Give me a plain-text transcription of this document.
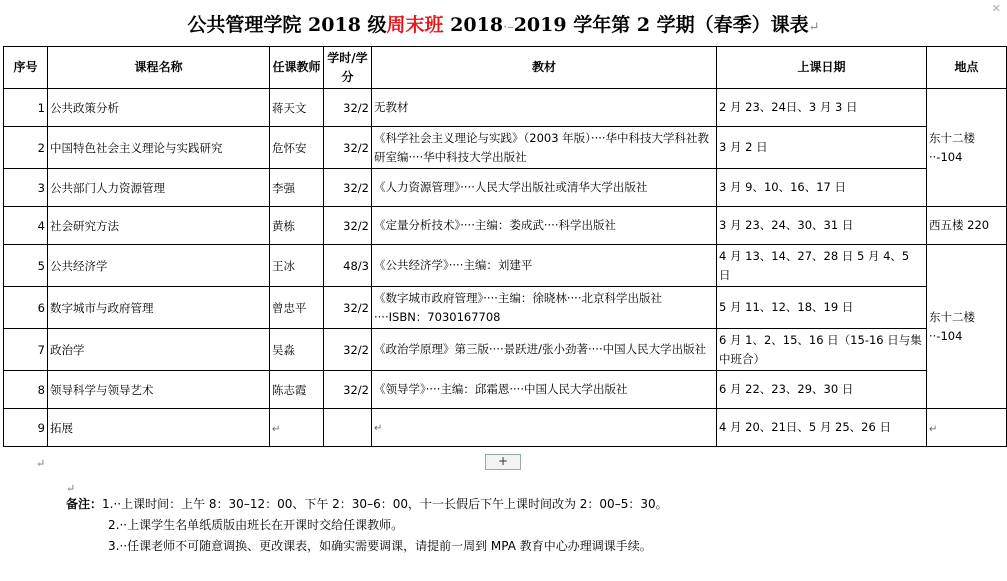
✕
公共管理学院 2018 级周末班 2018·–2019 学年第 2 学期（春季）课表↵
序号	课程名称	任课教师	学时/学分	教材	上课日期	地点
1	公共政策分析	蒋天文	32/2	无教材	2 月 23、24日、3 月 3 日	东十二楼··-104
2	中国特色社会主义理论与实践研究	危怀安	32/2	《科学社会主义理论与实践》（2003 年版）····华中科技大学科社教研室编····华中科技大学出版社	3 月 2 日	
3	公共部门人力资源管理	李强	32/2	《人力资源管理》····人民大学出版社或清华大学出版社	3 月 9、10、16、17 日	
4	社会研究方法	黄栋	32/2	《定量分析技术》····主编：娄成武····科学出版社	3 月 23、24、30、31 日	西五楼 220
5	公共经济学	王冰	48/3	《公共经济学》····主编：刘建平	4 月 13、14、27、28 日 5 月 4、5 日	东十二楼··-104
6	数字城市与政府管理	曾忠平	32/2	《数字城市政府管理》····主编：徐晓林····北京科学出版社····ISBN：7030167708	5 月 11、12、18、19 日	
7	政治学	吴淼	32/2	《政治学原理》第三版····景跃进/张小劲著····中国人民大学出版社	6 月 1、2、15、16 日（15-16 日与集中班合）	
8	领导科学与领导艺术	陈志霞	32/2	《领导学》····主编：邱霜恩····中国人民大学出版社	6 月 22、23、29、30 日	
9	拓展	↵		↵	4 月 20、21日、5 月 25、26 日	↵
+
↵
↵
备注：1.··上课时间：上午 8：30–12：00、下午 2：30–6：00，十一长假后下午上课时间改为 2：00–5：30。
2.··上课学生名单纸质版由班长在开课时交给任课教师。
3.··任课老师不可随意调换、更改课表，如确实需要调课，请提前一周到 MPA 教育中心办理调课手续。
